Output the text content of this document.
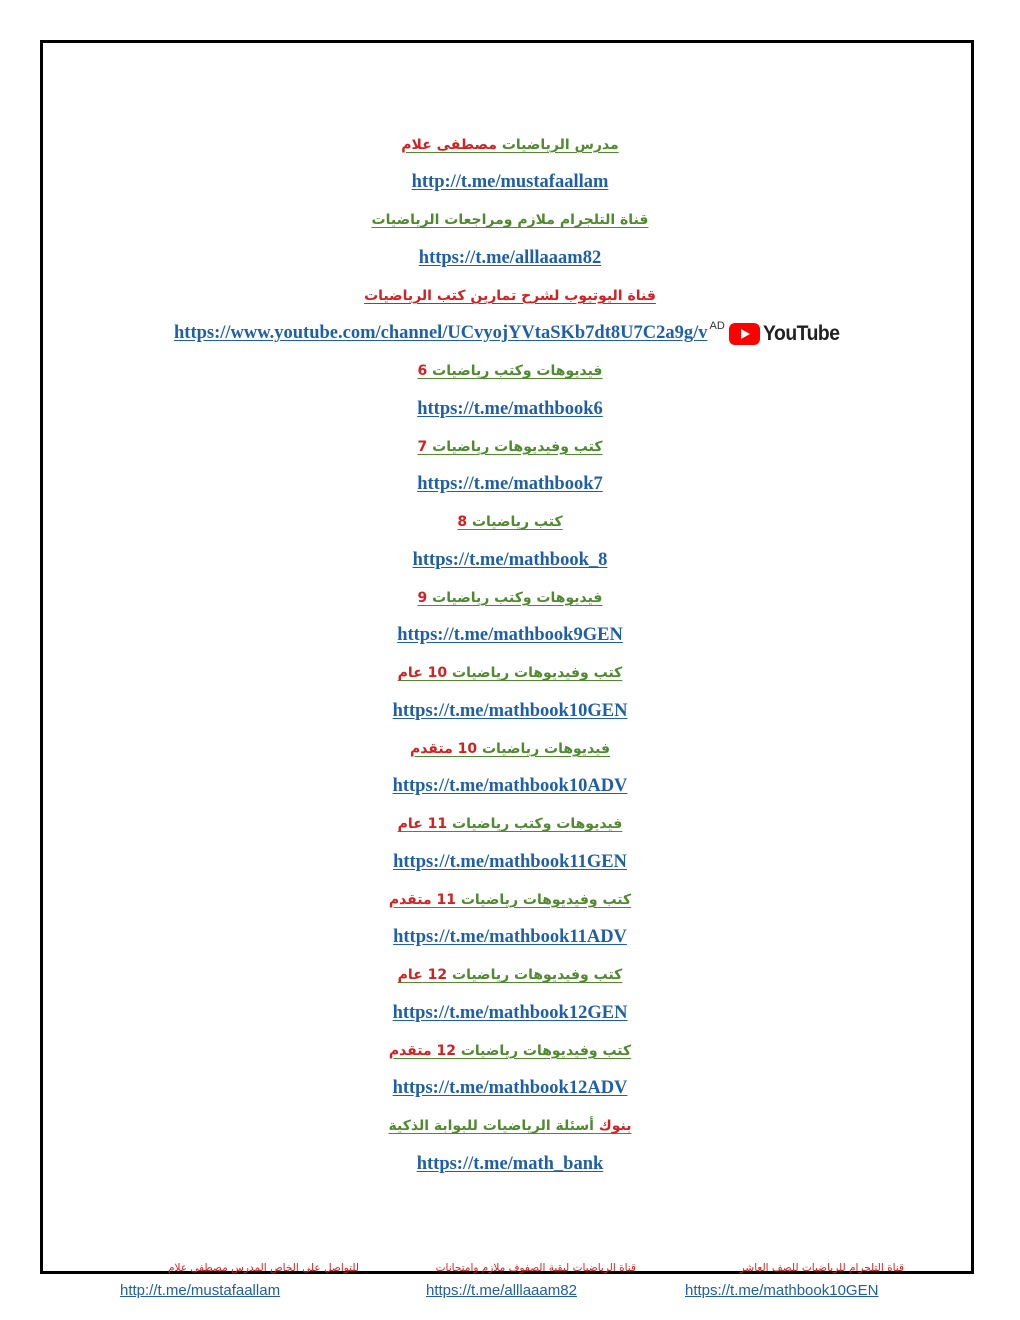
مدرس الرياضيات مصطفى علام
http://t.me/mustafaallam
قناة التلجرام ملازم ومراجعات الرياضيات
https://t.me/alllaaam82
قناة اليوتيوب لشرح تمارين كتب الرياضيات
https://www.youtube.com/channel/UCvyojYVtaSKb7dt8U7C2a9g/v AD YouTube
فيديوهات وكتب رياضيات 6
https://t.me/mathbook6
كتب وفيديوهات رياضيات 7
https://t.me/mathbook7
كتب رياضيات 8
https://t.me/mathbook_8
فيديوهات وكتب رياضيات 9
https://t.me/mathbook9GEN
كتب وفيديوهات رياضيات 10 عام
https://t.me/mathbook10GEN
فيديوهات رياضيات 10 متقدم
https://t.me/mathbook10ADV
فيديوهات وكتب رياضيات 11 عام
https://t.me/mathbook11GEN
كتب وفيديوهات رياضيات 11 متقدم
https://t.me/mathbook11ADV
كتب وفيديوهات رياضيات 12 عام
https://t.me/mathbook12GEN
كتب وفيديوهات رياضيات 12 متقدم
https://t.me/mathbook12ADV
بنوك أسئلة الرياضيات للبوابة الذكية
https://t.me/math_bank
قناة التلجرام للرياضيات للصف العاشر
قناة الرياضيات لبقية الصفوف ملازم وامتحانات
للتواصل على الخاص المدرس مصطفى علام
http://t.me/mustafaallam	https://t.me/alllaaam82	https://t.me/mathbook10GEN
